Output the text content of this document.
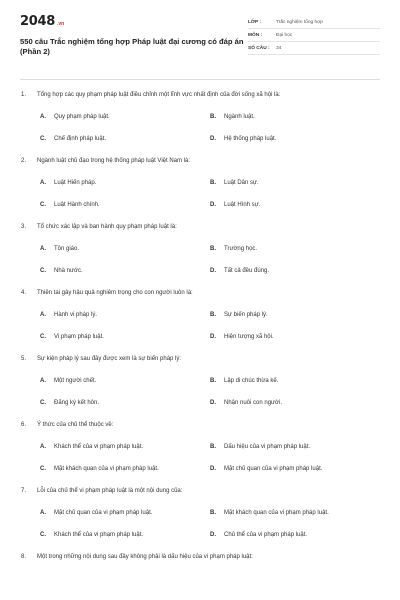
2048 .vn
550 câu Trắc nghiệm tổng hợp Pháp luật đại cương có đáp án (Phần 2)
LỚP :	Trắc nghiệm tổng hợp
MÔN :	Đại học
SỐ CÂU :	34
1.	Tổng hợp các quy phạm pháp luật điều chỉnh một lĩnh vực nhất định của đời sống xã hội là:
A.	Quy phạm pháp luật.	B.	Ngành luật.
C.	Chế định pháp luật.	D.	Hệ thống pháp luật.
2.	Ngành luật chủ đạo trong hệ thống pháp luật Việt Nam là:
A.	Luật Hiến pháp.	B.	Luật Dân sự.
C.	Luật Hành chính.	D.	Luật Hình sự.
3.	Tổ chức xác lập và ban hành quy phạm pháp luật là:
A.	Tôn giáo.	B.	Trường học.
C.	Nhà nước.	D.	Tất cả đều đúng.
4.	Thiên tai gây hậu quả nghiêm trọng cho con người luôn là:
A.	Hành vi pháp lý.	B.	Sự biến pháp lý.
C.	Vi phạm pháp luật.	D.	Hiện tượng xã hội.
5.	Sự kiện pháp lý sau đây được xem là sự biến pháp lý:
A.	Một người chết.	B.	Lập di chúc thừa kế.
C.	Đăng ký kết hôn.	D.	Nhận nuôi con người.
6.	Ý thức của chủ thể thuộc về:
A.	Khách thể của vi phạm pháp luật.	B.	Dấu hiệu của vi phạm pháp luật.
C.	Mặt khách quan của vi phạm pháp luật.	D.	Mặt chủ quan của vi phạm pháp luật.
7.	Lỗi của chủ thể vi phạm pháp luật là một nội dung của:
A.	Mặt chủ quan của vi phạm pháp luật.	B.	Mặt khách quan của vi phạm pháp luật.
C.	Khách thể của vi phạm pháp luật.	D.	Chủ thể của vi phạm pháp luật.
8.	Một trong những nội dung sau đây không phải là dấu hiệu của vi phạm pháp luật:
